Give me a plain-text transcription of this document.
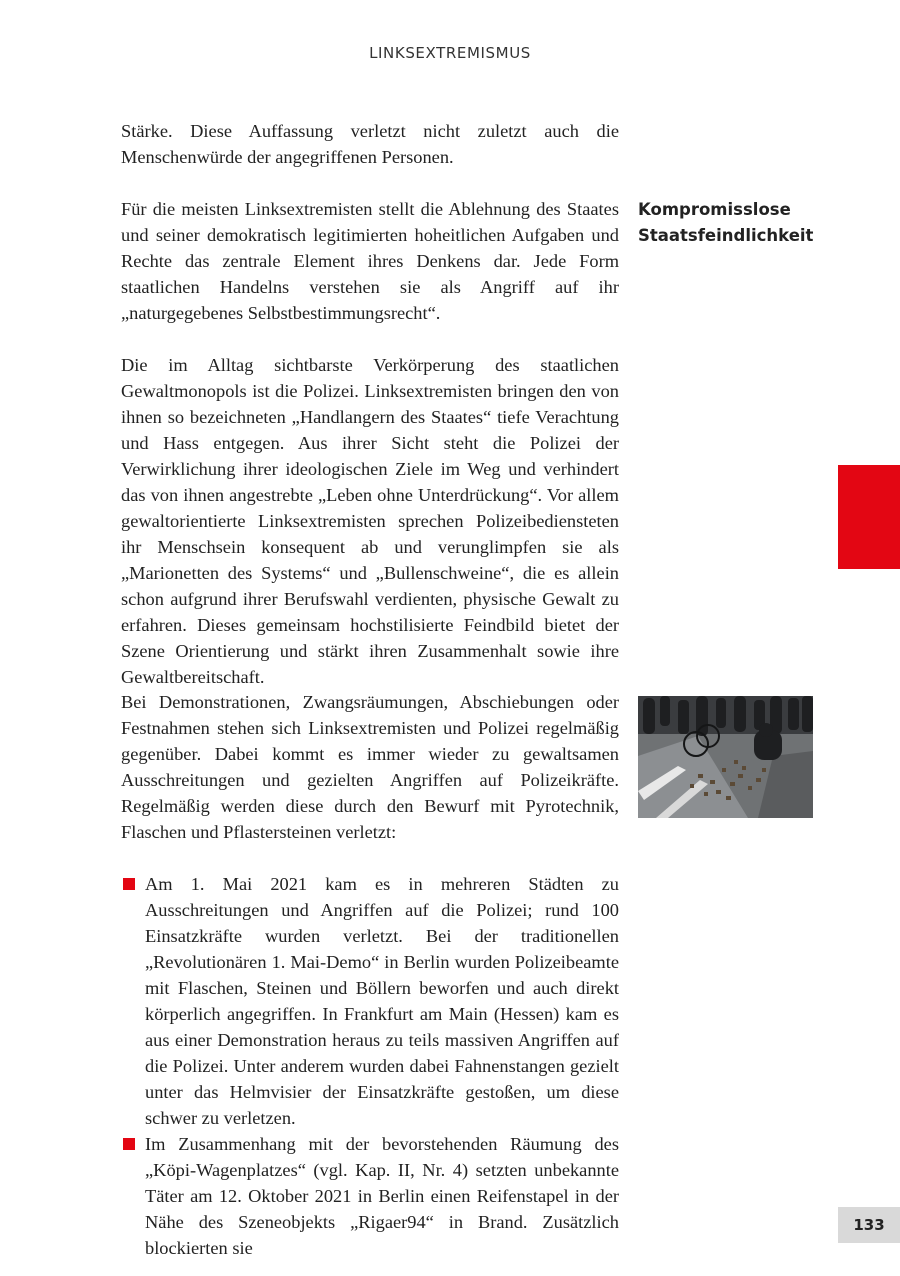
LINKSEXTREMISMUS

Stärke. Diese Auffassung verletzt nicht zuletzt auch die Menschenwürde der angegriffenen Personen.

Für die meisten Linksextremisten stellt die Ablehnung des Staates und seiner demokratisch legitimierten hoheitlichen Aufgaben und Rechte das zentrale Element ihres Denkens dar. Jede Form staatlichen Handelns verstehen sie als Angriff auf ihr „naturgegebenes Selbstbestimmungsrecht“.

Kompromisslose
Staatsfeindlichkeit

Die im Alltag sichtbarste Verkörperung des staatlichen Gewaltmonopols ist die Polizei. Linksextremisten bringen den von ihnen so bezeichneten „Handlangern des Staates“ tiefe Verachtung und Hass entgegen. Aus ihrer Sicht steht die Polizei der Verwirklichung ihrer ideologischen Ziele im Weg und verhindert das von ihnen angestrebte „Leben ohne Unterdrückung“. Vor allem gewaltorientierte Linksextremisten sprechen Polizeibediensteten ihr Menschsein konsequent ab und verunglimpfen sie als „Marionetten des Systems“ und „Bullenschweine“, die es allein schon aufgrund ihrer Berufswahl verdienten, physische Gewalt zu erfahren. Dieses gemeinsam hochstilisierte Feindbild bietet der Szene Orientierung und stärkt ihren Zusammenhalt sowie ihre Gewaltbereitschaft.

Bei Demonstrationen, Zwangsräumungen, Abschiebungen oder Festnahmen stehen sich Linksextremisten und Polizei regelmäßig gegenüber. Dabei kommt es immer wieder zu gewaltsamen Ausschreitungen und gezielten Angriffen auf Polizeikräfte. Regelmäßig werden diese durch den Bewurf mit Pyrotechnik, Flaschen und Pflastersteinen verletzt:

Am 1. Mai 2021 kam es in mehreren Städten zu Ausschreitungen und Angriffen auf die Polizei; rund 100 Einsatzkräfte wurden verletzt. Bei der traditionellen „Revolutionären 1. Mai-Demo“ in Berlin wurden Polizeibeamte mit Flaschen, Steinen und Böllern beworfen und auch direkt körperlich angegriffen. In Frankfurt am Main (Hessen) kam es aus einer Demonstration heraus zu teils massiven Angriffen auf die Polizei. Unter anderem wurden dabei Fahnenstangen gezielt unter das Helmvisier der Einsatzkräfte gestoßen, um diese schwer zu verletzen.
Im Zusammenhang mit der bevorstehenden Räumung des „Köpi-Wagenplatzes“ (vgl. Kap. II, Nr. 4) setzten unbekannte Täter am 12. Oktober 2021 in Berlin einen Reifenstapel in der Nähe des Szeneobjekts „Rigaer94“ in Brand. Zusätzlich blockierten sie
133
